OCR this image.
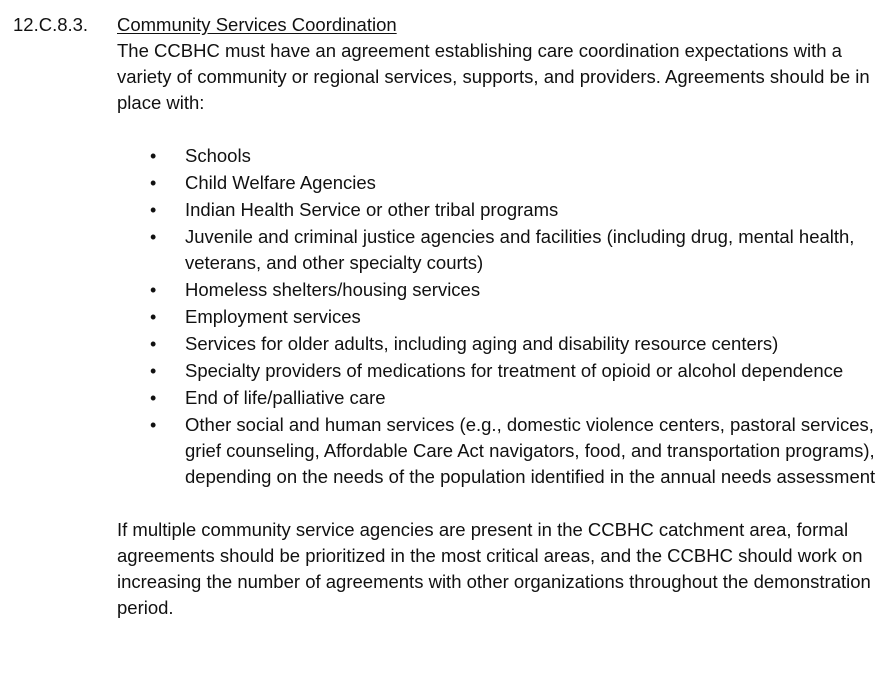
12.C.8.3. Community Services Coordination

The CCBHC must have an agreement establishing care coordination expectations with a variety of community or regional services, supports, and providers. Agreements should be in place with:

• Schools
• Child Welfare Agencies
• Indian Health Service or other tribal programs
• Juvenile and criminal justice agencies and facilities (including drug, mental health, veterans, and other specialty courts)
• Homeless shelters/housing services
• Employment services
• Services for older adults, including aging and disability resource centers)
• Specialty providers of medications for treatment of opioid or alcohol dependence
• End of life/palliative care
• Other social and human services (e.g., domestic violence centers, pastoral services, grief counseling, Affordable Care Act navigators, food, and transportation programs), depending on the needs of the population identified in the annual needs assessment

If multiple community service agencies are present in the CCBHC catchment area, formal agreements should be prioritized in the most critical areas, and the CCBHC should work on increasing the number of agreements with other organizations throughout the demonstration period.
